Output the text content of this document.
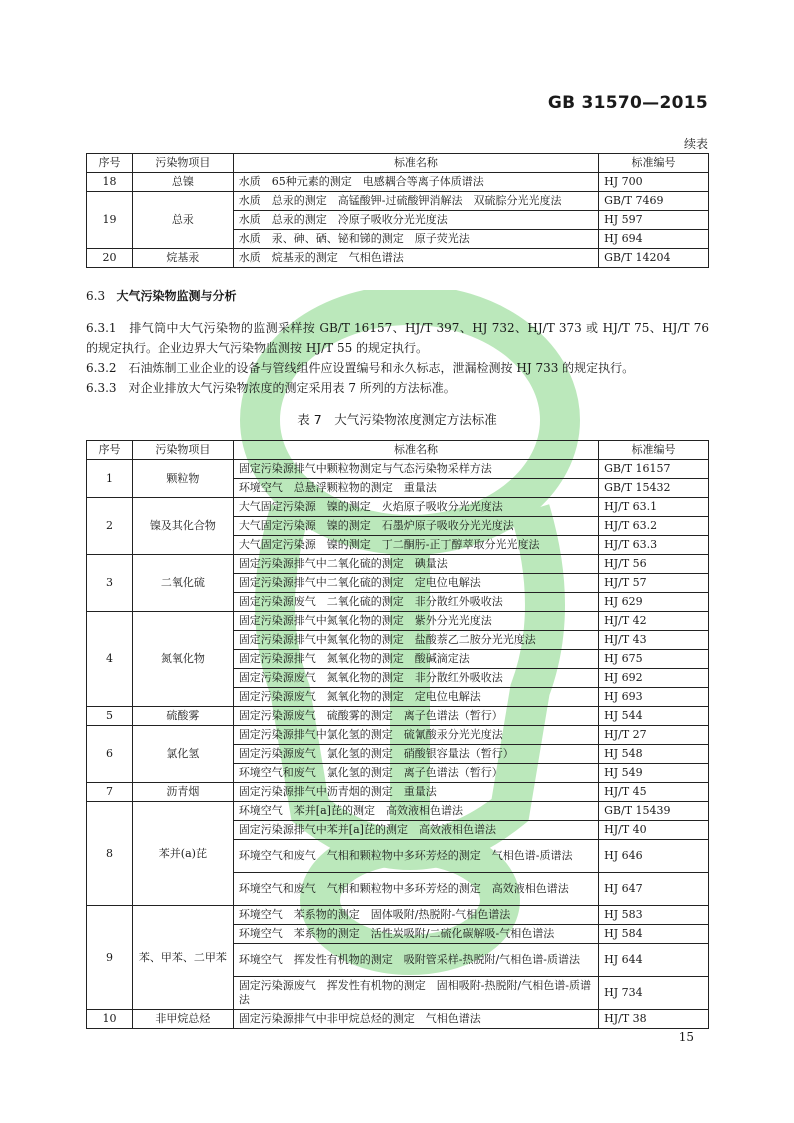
GB 31570—2015
续表
序号	污染物项目	标准名称	标准编号
18	总镍	水质　65种元素的测定　电感耦合等离子体质谱法	HJ 700
19	总汞	水质　总汞的测定　高锰酸钾-过硫酸钾消解法　双硫腙分光光度法	GB/T 7469
		水质　总汞的测定　冷原子吸收分光光度法	HJ 597
		水质　汞、砷、硒、铋和锑的测定　原子荧光法	HJ 694
20	烷基汞	水质　烷基汞的测定　气相色谱法	GB/T 14204
6.3 大气污染物监测与分析
6.3.1　排气筒中大气污染物的监测采样按 GB/T 16157、HJ/T 397、HJ 732、HJ/T 373 或 HJ/T 75、HJ/T 76 的规定执行。企业边界大气污染物监测按 HJ/T 55 的规定执行。
6.3.2　石油炼制工业企业的设备与管线组件应设置编号和永久标志，泄漏检测按 HJ 733 的规定执行。
6.3.3　对企业排放大气污染物浓度的测定采用表 7 所列的方法标准。
表 7　大气污染物浓度测定方法标准
序号	污染物项目	标准名称	标准编号
1	颗粒物	固定污染源排气中颗粒物测定与气态污染物采样方法	GB/T 16157
		环境空气　总悬浮颗粒物的测定　重量法	GB/T 15432
2	镍及其化合物	大气固定污染源　镍的测定　火焰原子吸收分光光度法	HJ/T 63.1
		大气固定污染源　镍的测定　石墨炉原子吸收分光光度法	HJ/T 63.2
		大气固定污染源　镍的测定　丁二酮肟-正丁醇萃取分光光度法	HJ/T 63.3
3	二氧化硫	固定污染源排气中二氧化硫的测定　碘量法	HJ/T 56
		固定污染源排气中二氧化硫的测定　定电位电解法	HJ/T 57
		固定污染源废气　二氧化硫的测定　非分散红外吸收法	HJ 629
4	氮氧化物	固定污染源排气中氮氧化物的测定　紫外分光光度法	HJ/T 42
		固定污染源排气中氮氧化物的测定　盐酸萘乙二胺分光光度法	HJ/T 43
		固定污染源排气　氮氧化物的测定　酸碱滴定法	HJ 675
		固定污染源废气　氮氧化物的测定　非分散红外吸收法	HJ 692
		固定污染源废气　氮氧化物的测定　定电位电解法	HJ 693
5	硫酸雾	固定污染源废气　硫酸雾的测定　离子色谱法（暂行）	HJ 544
6	氯化氢	固定污染源排气中氯化氢的测定　硫氰酸汞分光光度法	HJ/T 27
		固定污染源废气　氯化氢的测定　硝酸银容量法（暂行）	HJ 548
		环境空气和废气　氯化氢的测定　离子色谱法（暂行）	HJ 549
7	沥青烟	固定污染源排气中沥青烟的测定　重量法	HJ/T 45
8	苯并(a)芘	环境空气　苯并[a]芘的测定　高效液相色谱法	GB/T 15439
		固定污染源排气中苯并[a]芘的测定　高效液相色谱法	HJ/T 40
		环境空气和废气　气相和颗粒物中多环芳烃的测定　气相色谱-质谱法	HJ 646
		环境空气和废气　气相和颗粒物中多环芳烃的测定　高效液相色谱法	HJ 647
9	苯、甲苯、二甲苯	环境空气　苯系物的测定　固体吸附/热脱附-气相色谱法	HJ 583
		环境空气　苯系物的测定　活性炭吸附/二硫化碳解吸-气相色谱法	HJ 584
		环境空气　挥发性有机物的测定　吸附管采样-热脱附/气相色谱-质谱法	HJ 644
		固定污染源废气　挥发性有机物的测定　固相吸附-热脱附/气相色谱-质谱法	HJ 734
10	非甲烷总烃	固定污染源排气中非甲烷总烃的测定　气相色谱法	HJ/T 38
15
